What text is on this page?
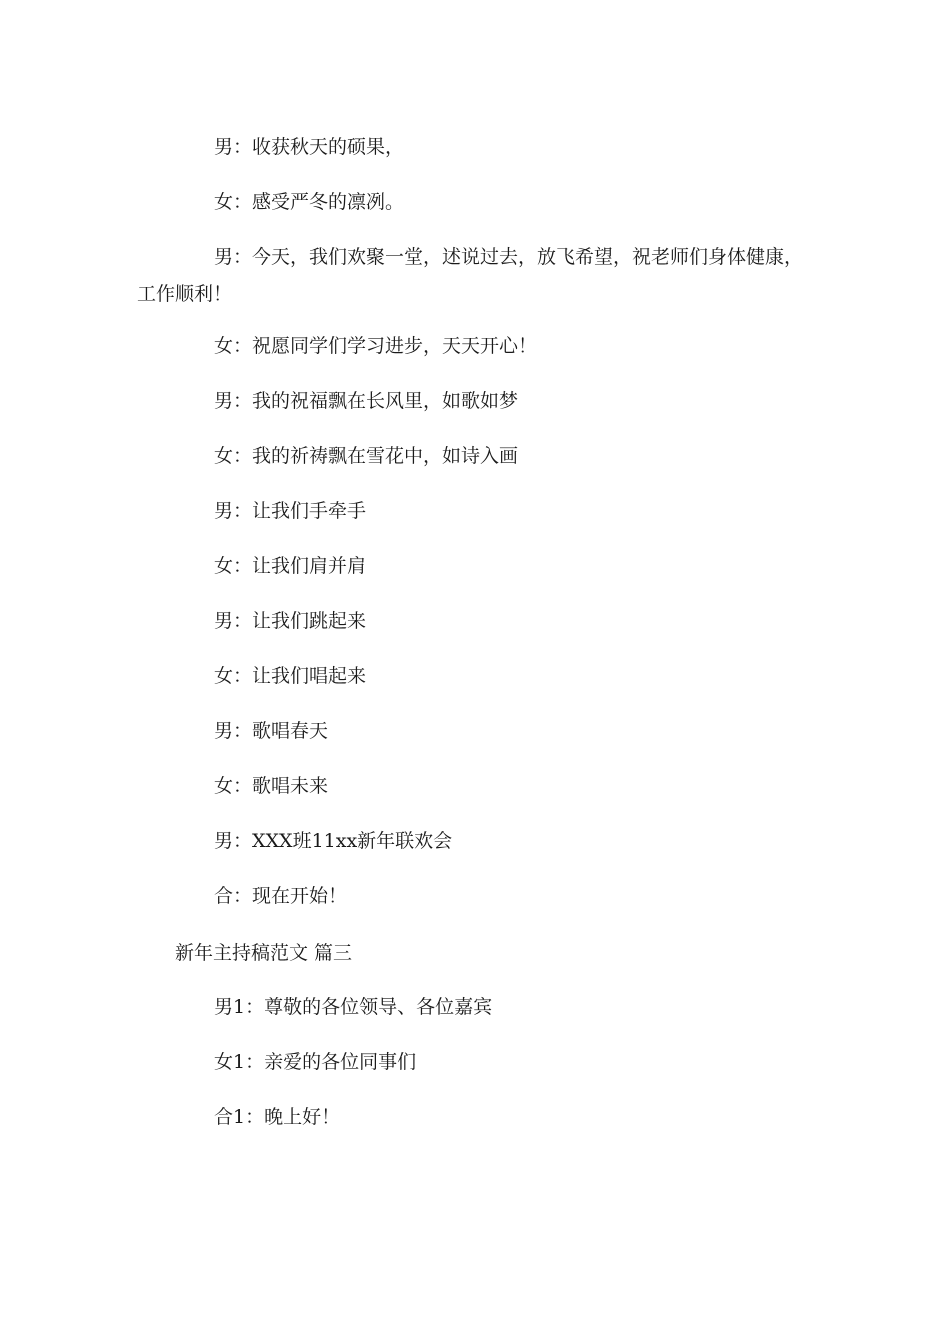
男：收获秋天的硕果，

女：感受严冬的凛冽。

男：今天，我们欢聚一堂，述说过去，放飞希望，祝老师们身体健康，工作顺利！

女：祝愿同学们学习进步，天天开心！

男：我的祝福飘在长风里，如歌如梦

女：我的祈祷飘在雪花中，如诗入画

男：让我们手牵手

女：让我们肩并肩

男：让我们跳起来

女：让我们唱起来

男：歌唱春天

女：歌唱未来

男：XXX班11xx新年联欢会

合：现在开始！

新年主持稿范文 篇三

男1：尊敬的各位领导、各位嘉宾

女1：亲爱的各位同事们

合1：晚上好！
